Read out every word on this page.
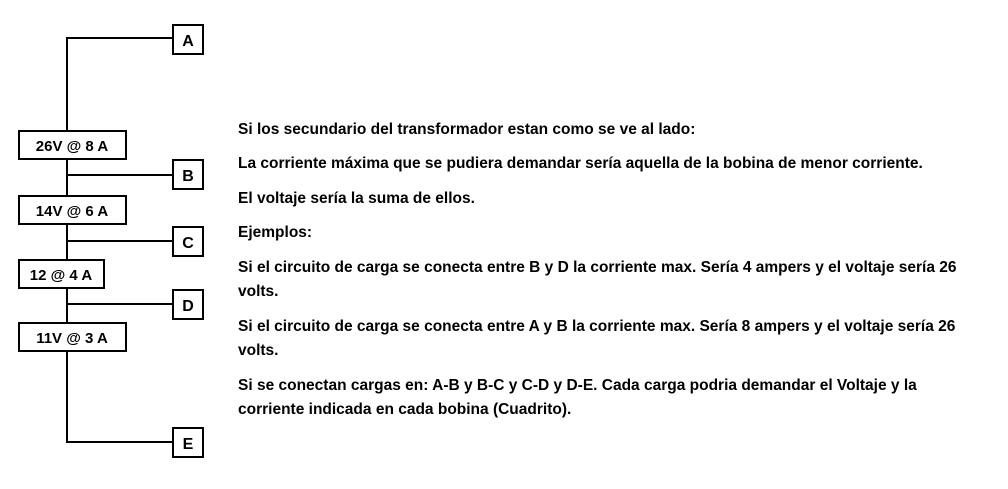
A
B
C
D
E
26V @ 8 A
14V @ 6 A
12 @ 4 A
11V @ 3 A

Si los secundario del transformador estan como se ve al lado:

La corriente máxima que se pudiera demandar sería aquella de la bobina de menor corriente.

El voltaje sería la suma de ellos.

Ejemplos:

Si el circuito de carga se conecta entre B y D la corriente max. Sería 4 ampers y el voltaje sería 26 volts.

Si el circuito de carga se conecta entre A y B la corriente max. Sería 8 ampers y el voltaje sería 26 volts.

Si se conectan cargas en: A-B y B-C y C-D y D-E. Cada carga podria demandar el Voltaje y la corriente indicada en cada bobina (Cuadrito).
